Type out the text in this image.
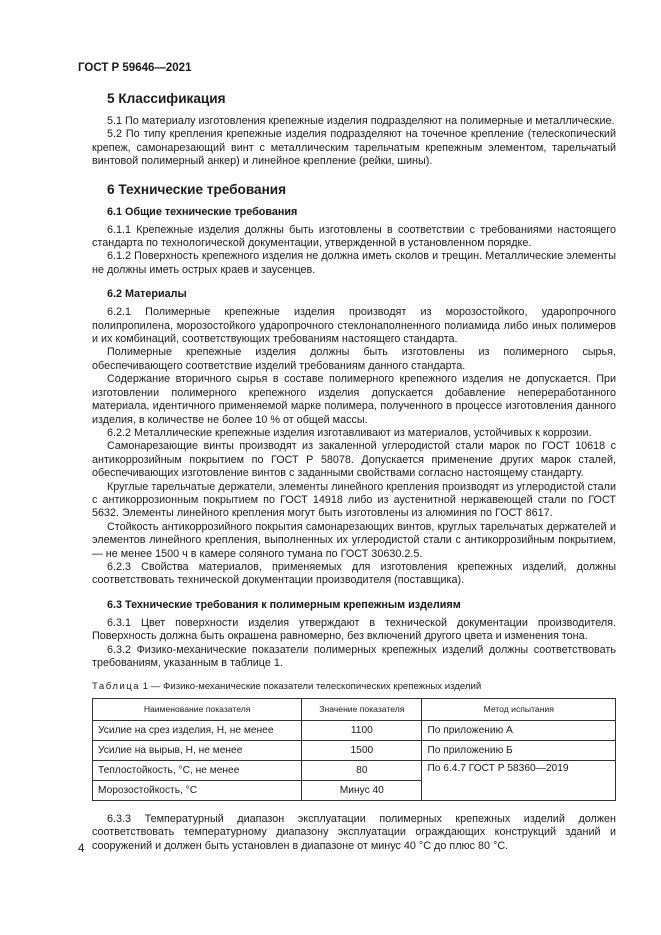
ГОСТ Р 59646—2021
5 Классификация

5.1 По материалу изготовления крепежные изделия подразделяют на полимерные и металлические.

5.2 По типу крепления крепежные изделия подразделяют на точечное крепление (телескопический крепеж, самонарезающий винт с металлическим тарельчатым крепежным элементом, тарельчатый винтовой полимерный анкер) и линейное крепление (рейки, шины).

6 Технические требования
6.1 Общие технические требования

6.1.1 Крепежные изделия должны быть изготовлены в соответствии с требованиями настоящего стандарта по технологической документации, утвержденной в установленном порядке.

6.1.2 Поверхность крепежного изделия не должна иметь сколов и трещин. Металлические элементы не должны иметь острых краев и заусенцев.

6.2 Материалы

6.2.1 Полимерные крепежные изделия производят из морозостойкого, ударопрочного полипропилена, морозостойкого ударопрочного стеклонаполненного полиамида либо иных полимеров и их комбинаций, соответствующих требованиям настоящего стандарта.

Полимерные крепежные изделия должны быть изготовлены из полимерного сырья, обеспечивающего соответствие изделий требованиям данного стандарта.

Содержание вторичного сырья в составе полимерного крепежного изделия не допускается. При изготовлении полимерного крепежного изделия допускается добавление непереработанного материала, идентичного применяемой марке полимера, полученного в процессе изготовления данного изделия, в количестве не более 10 % от общей массы.

6.2.2 Металлические крепежные изделия изготавливают из материалов, устойчивых к коррозии.

Самонарезающие винты производят из закаленной углеродистой стали марок по ГОСТ 10618 с антикоррозийным покрытием по ГОСТ Р 58078. Допускается применение других марок сталей, обеспечивающих изготовление винтов с заданными свойствами согласно настоящему стандарту.

Круглые тарельчатые держатели, элементы линейного крепления производят из углеродистой стали с антикоррозионным покрытием по ГОСТ 14918 либо из аустенитной нержавеющей стали по ГОСТ 5632. Элементы линейного крепления могут быть изготовлены из алюминия по ГОСТ 8617.

Стойкость антикоррозийного покрытия самонарезающих винтов, круглых тарельчатых держателей и элементов линейного крепления, выполненных их углеродистой стали с антикоррозийным покрытием, — не менее 1500 ч в камере соляного тумана по ГОСТ 30630.2.5.

6.2.3 Свойства материалов, применяемых для изготовления крепежных изделий, должны соответствовать технической документации производителя (поставщика).

6.3 Технические требования к полимерным крепежным изделиям

6.3.1 Цвет поверхности изделия утверждают в технической документации производителя. Поверхность должна быть окрашена равномерно, без включений другого цвета и изменения тона.

6.3.2 Физико-механические показатели полимерных крепежных изделий должны соответствовать требованиям, указанным в таблице 1.

Таблица 1 — Физико-механические показатели телескопических крепежных изделий

Наименование показателя	Значение показателя	Метод испытания
Усилие на срез изделия, Н, не менее	1100	По приложению А
Усилие на вырыв, Н, не менее	1500	По приложению Б
Теплостойкость, °С, не менее	80	По 6.4.7 ГОСТ Р 58360—2019
Морозостойкость, °С	Минус 40	

6.3.3 Температурный диапазон эксплуатации полимерных крепежных изделий должен соответствовать температурному диапазону эксплуатации ограждающих конструкций зданий и сооружений и должен быть установлен в диапазоне от минус 40 °С до плюс 80 °С.

4
